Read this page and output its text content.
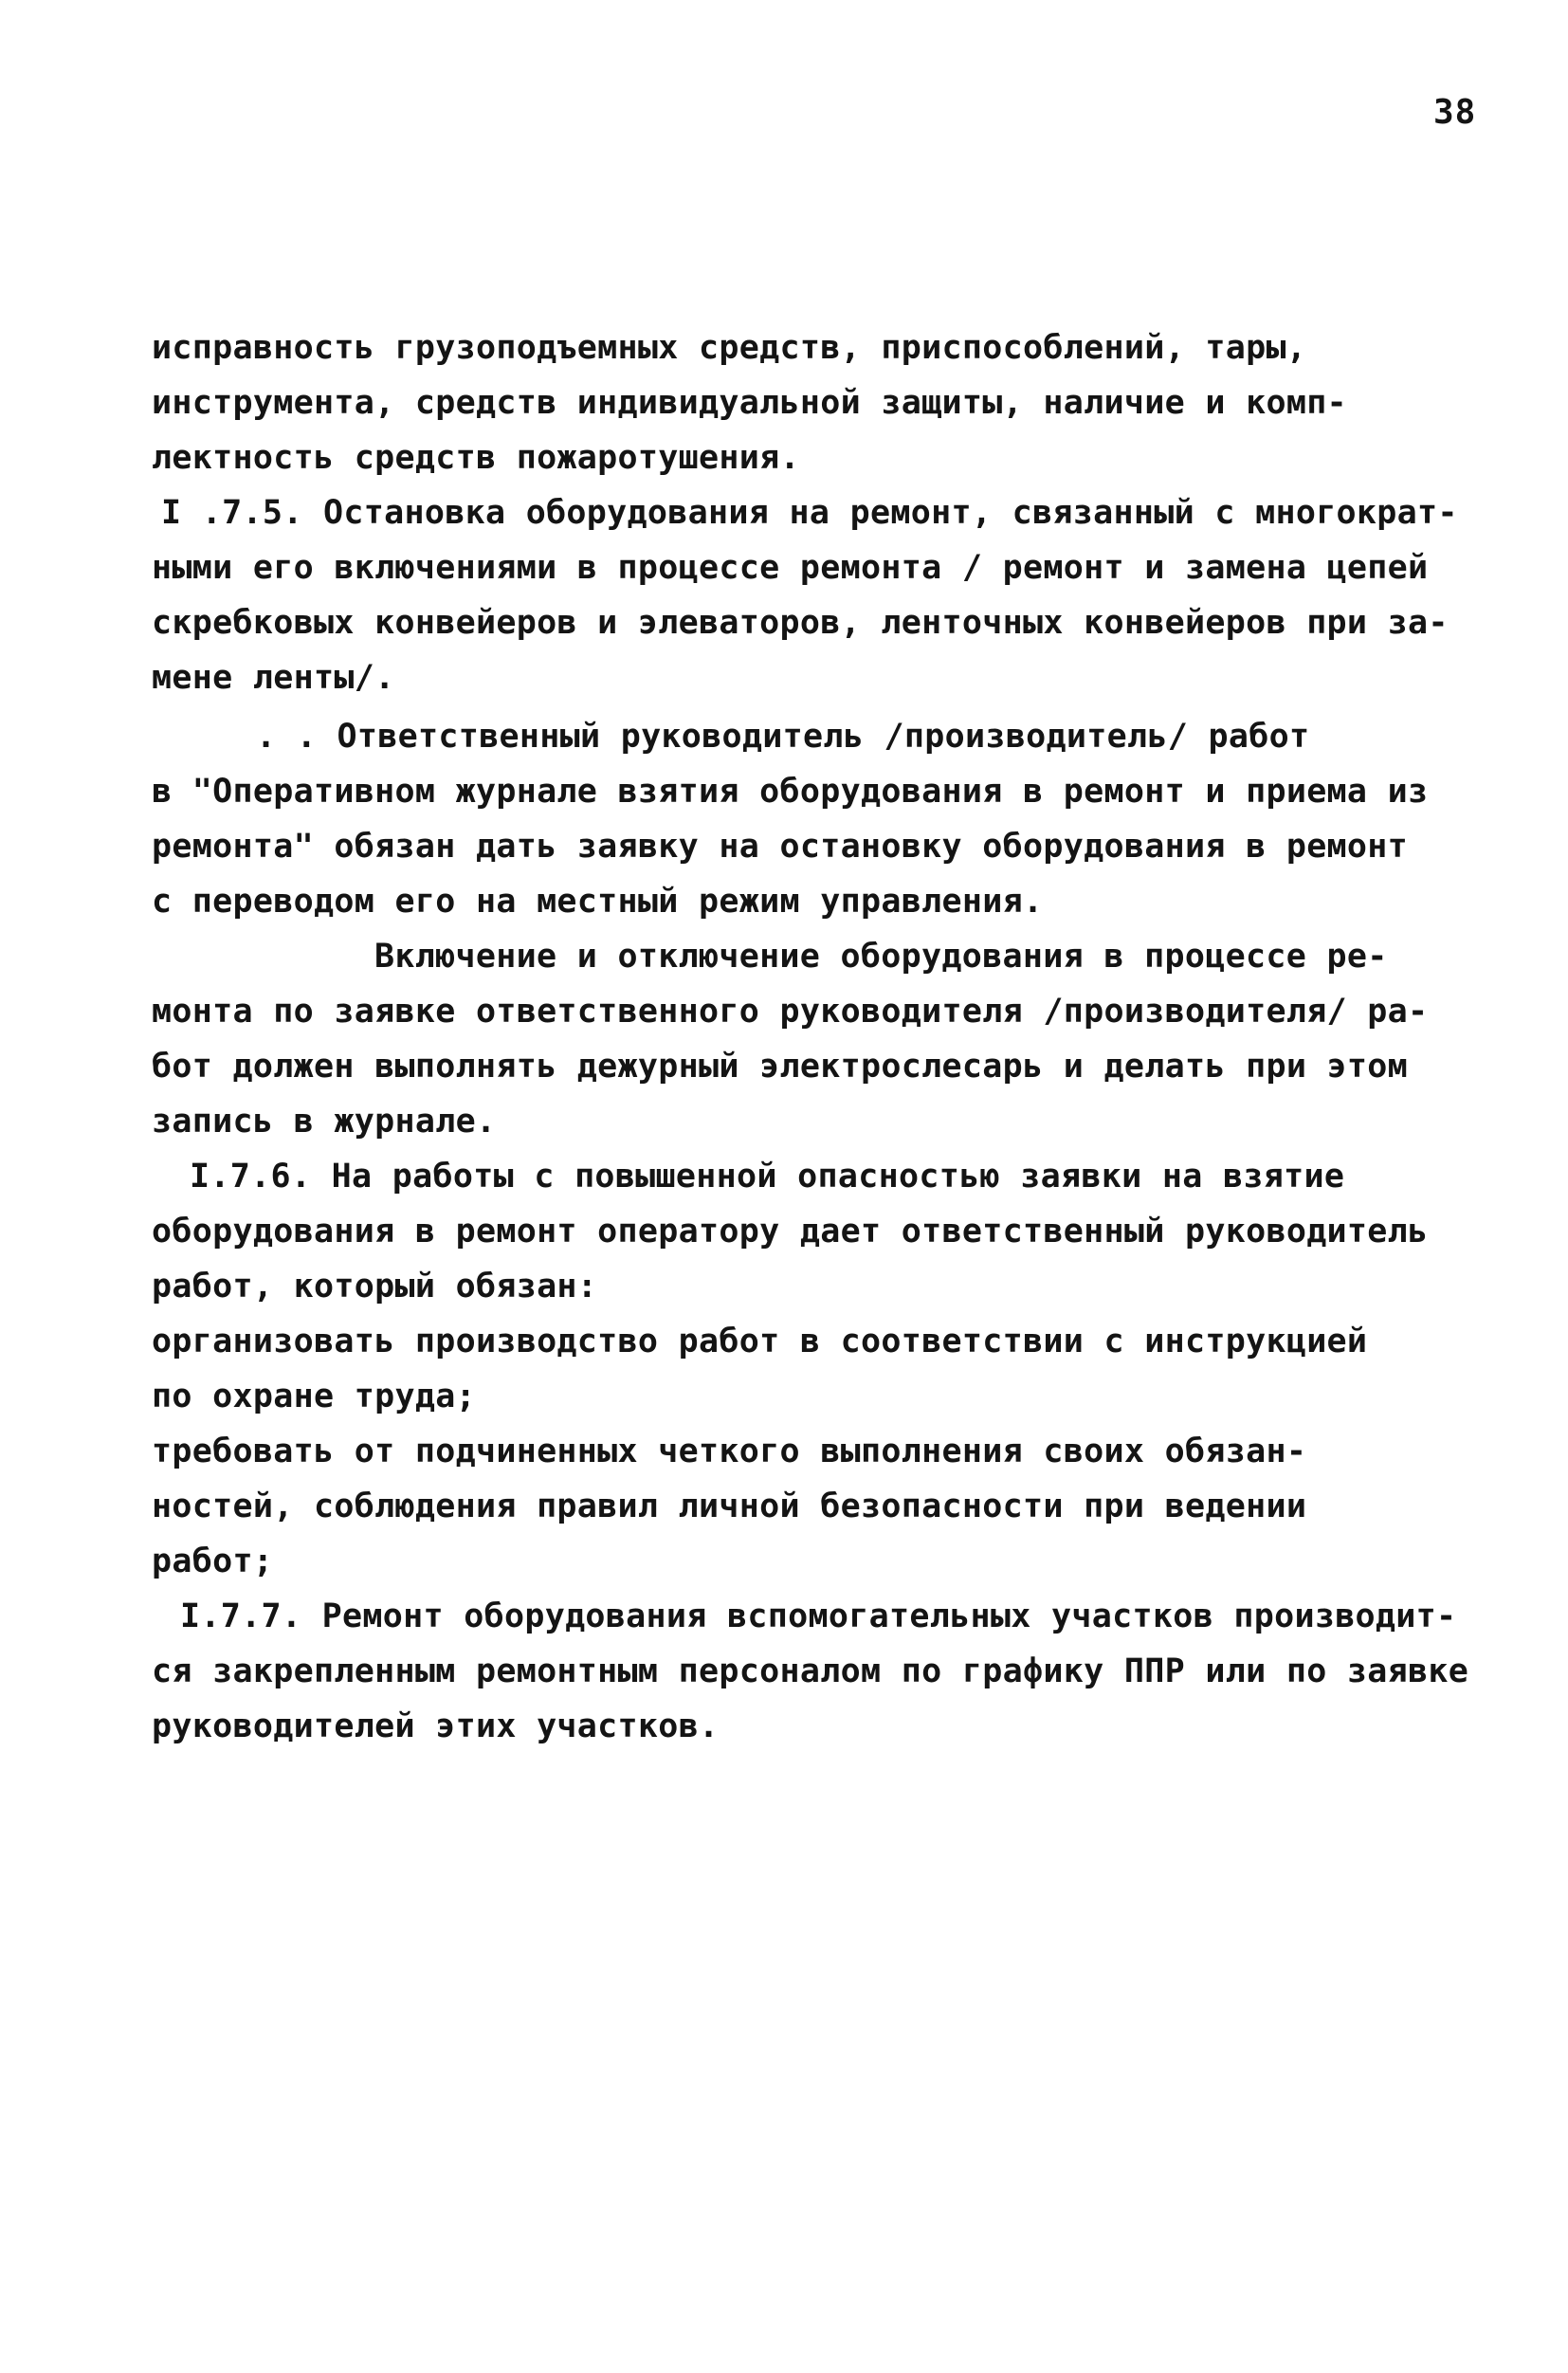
38
исправность грузоподъемных средств, приспособлений, тары,
инструмента, средств индивидуальной защиты, наличие и комп-
лектность средств пожаротушения.
I .7.5. Остановка оборудования на ремонт, связанный с многократ-
ными его включениями в процессе ремонта / ремонт и замена цепей
скребковых конвейеров и элеваторов, ленточных конвейеров при за-
мене ленты/.
. . Ответственный руководитель /производитель/ работ
в "Оперативном журнале взятия оборудования в ремонт и приема из
ремонта" обязан дать заявку на остановку оборудования в ремонт
с переводом его на местный режим управления.
Включение и отключение оборудования в процессе ре-
монта по заявке ответственного руководителя /производителя/ ра-
бот должен выполнять дежурный электрослесарь и делать при этом
запись в журнале.
I.7.6. На работы с повышенной опасностью заявки на взятие
оборудования в ремонт оператору дает ответственный руководитель
работ, который обязан:
организовать производство работ в соответствии с инструкцией
по охране труда;
требовать от подчиненных четкого выполнения своих обязан-
ностей, соблюдения правил личной безопасности при ведении
работ;
I.7.7. Ремонт оборудования вспомогательных участков производит-
ся закрепленным ремонтным персоналом по графику ППР или по заявке
руководителей этих участков.
